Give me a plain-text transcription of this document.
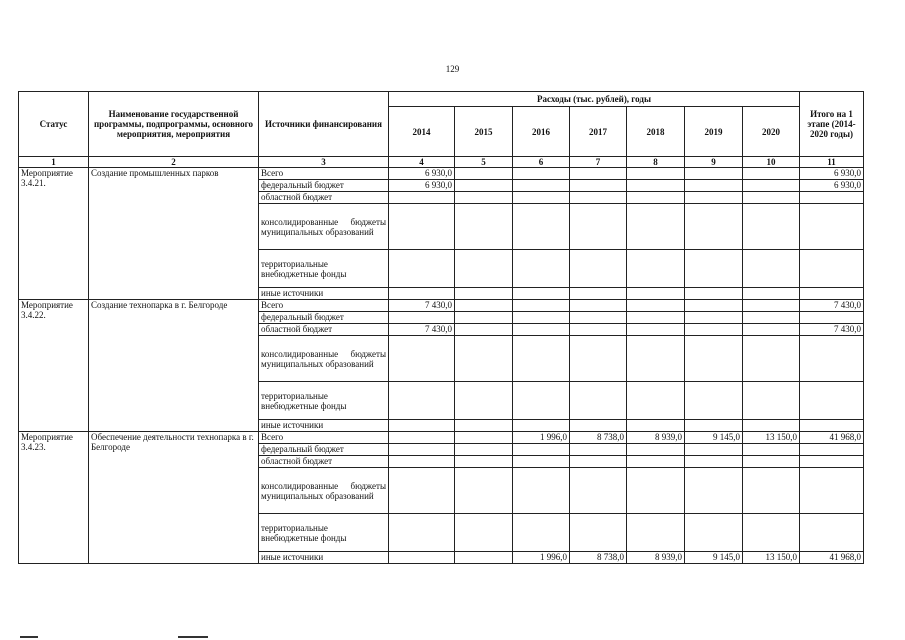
129
Статус	Наименование государственной программы, подпрограммы, основного мероприятия, мероприятия	Источники финансирования	Расходы (тыс. рублей), годы							Итого на 1 этапе (2014-2020 годы)
			2014	2015	2016	2017	2018	2019	2020	
1	2	3	4	5	6	7	8	9	10	11
Мероприятие 3.4.21.	Создание промышленных парков	Всего	6 930,0							6 930,0
		федеральный бюджет	6 930,0							6 930,0
		областной бюджет								
		консолидированные бюджеты муниципальных образований								
		территориальные внебюджетные фонды								
		иные источники								
Мероприятие 3.4.22.	Создание технопарка в г. Белгороде	Всего	7 430,0							7 430,0
		федеральный бюджет								
		областной бюджет	7 430,0							7 430,0
		консолидированные бюджеты муниципальных образований								
		территориальные внебюджетные фонды								
		иные источники								
Мероприятие 3.4.23.	Обеспечение деятельности технопарка в г. Белгороде	Всего			1 996,0	8 738,0	8 939,0	9 145,0	13 150,0	41 968,0
		федеральный бюджет								
		областной бюджет								
		консолидированные бюджеты муниципальных образований								
		территориальные внебюджетные фонды								
		иные источники			1 996,0	8 738,0	8 939,0	9 145,0	13 150,0	41 968,0
